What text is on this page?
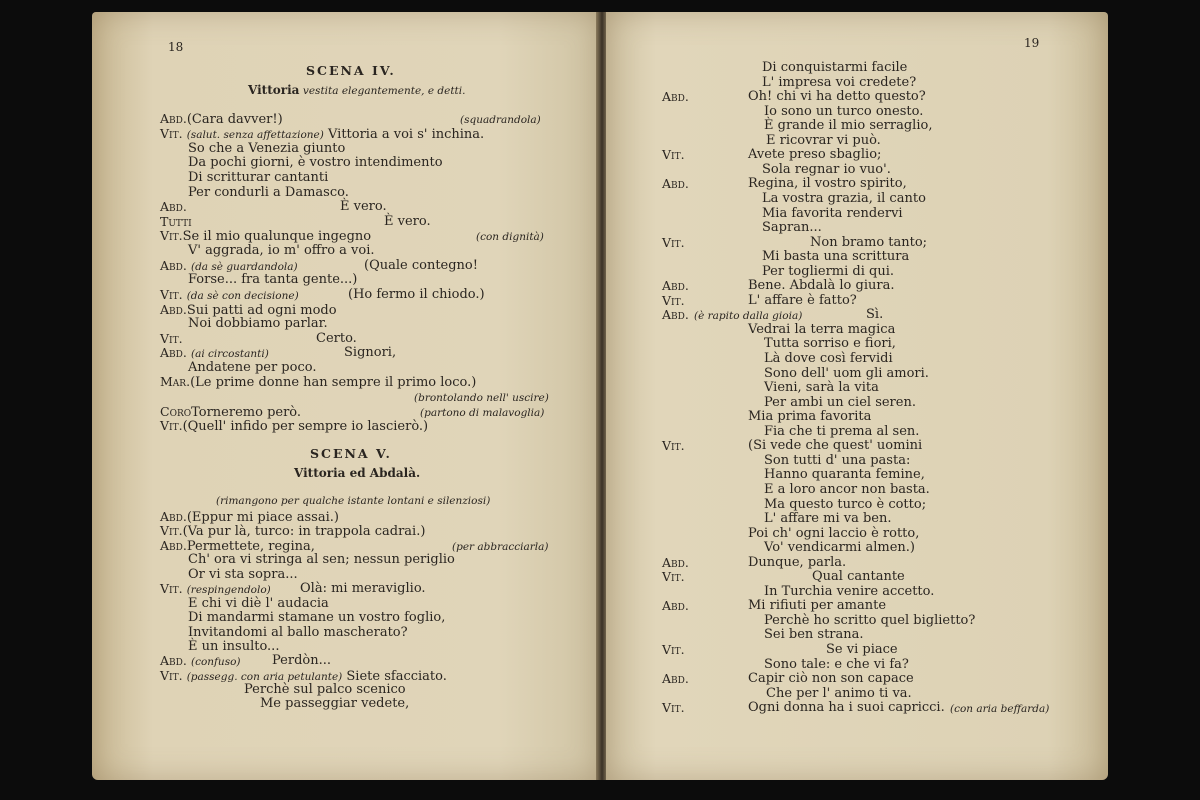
18
SCENA IV.
Vittoria vestita elegantemente, e detti.
Abd.(Cara davver!)	(squadrandola)
Vit. (salut. senza affettazione) Vittoria a voi s' inchina.
So che a Venezia giunto
Da pochi giorni, è vostro intendimento
Di scritturar cantanti
Per condurli a Damasco.
Abd.	È vero.
Tutti	È vero.
Vit.Se il mio qualunque ingegno	(con dignità)
V' aggrada, io m' offro a voi.
Abd. (da sè guardandola)	(Quale contegno!
Forse... fra tanta gente...)
Vit. (da sè con decisione)	(Ho fermo il chiodo.)
Abd.Sui patti ad ogni modo
Noi dobbiamo parlar.
Vit.	Certo.
Abd. (ai circostanti)	Signori,
Andatene per poco.
Mar.(Le prime donne han sempre il primo loco.)
(brontolando nell' uscire)
CoroTorneremo però.	(partono di malavoglia)
Vit.(Quell' infido per sempre io lascierò.)
SCENA V.
Vittoria ed Abdalà.
(rimangono per qualche istante lontani e silenziosi)
Abd.(Eppur mi piace assai.)
Vit.(Va pur là, turco: in trappola cadrai.)
Abd.Permettete, regina,	(per abbracciarla)
Ch' ora vi stringa al sen; nessun periglio
Or vi sta sopra...
Vit. (respingendolo) Olà: mi meraviglio.
E chi vi diè l' audacia
Di mandarmi stamane un vostro foglio,
Invitandomi al ballo mascherato?
È un insulto...
Abd. (confuso) Perdòn...
Vit. (passegg. con aria petulante) Siete sfacciato.
Perchè sul palco scenico
Me passeggiar vedete,
19
Di conquistarmi facile
L' impresa voi credete?
Abd.	Oh! chi vi ha detto questo?
Io sono un turco onesto.
È grande il mio serraglio,
E ricovrar vi può.
Vit.	Avete preso sbaglio;
Sola regnar io vuo'.
Abd.	Regina, il vostro spirito,
La vostra grazia, il canto
Mia favorita rendervi
Sapran...
Vit.	Non bramo tanto;
Mi basta una scrittura
Per togliermi di qui.
Abd.	Bene. Abdalà lo giura.
Vit.	L' affare è fatto?
Abd. (è rapito dalla gioia)	Sì.
Vedrai la terra magica
Tutta sorriso e fiori,
Là dove così fervidi
Sono dell' uom gli amori.
Vieni, sarà la vita
Per ambi un ciel seren.
Mia prima favorita
Fia che ti prema al sen.
Vit.	(Si vede che quest' uomini
Son tutti d' una pasta:
Hanno quaranta femine,
E a loro ancor non basta.
Ma questo turco è cotto;
L' affare mi va ben.
Poi ch' ogni laccio è rotto,
Vo' vendicarmi almen.)
Abd.	Dunque, parla.
Vit.	Qual cantante
In Turchia venire accetto.
Abd.	Mi rifiuti per amante
Perchè ho scritto quel biglietto?
Sei ben strana.
Vit.	Se vi piace
Sono tale: e che vi fa?
Abd.	Capir ciò non son capace
Che per l' animo ti va.
Vit.	Ogni donna ha i suoi capricci. (con aria beffarda)
